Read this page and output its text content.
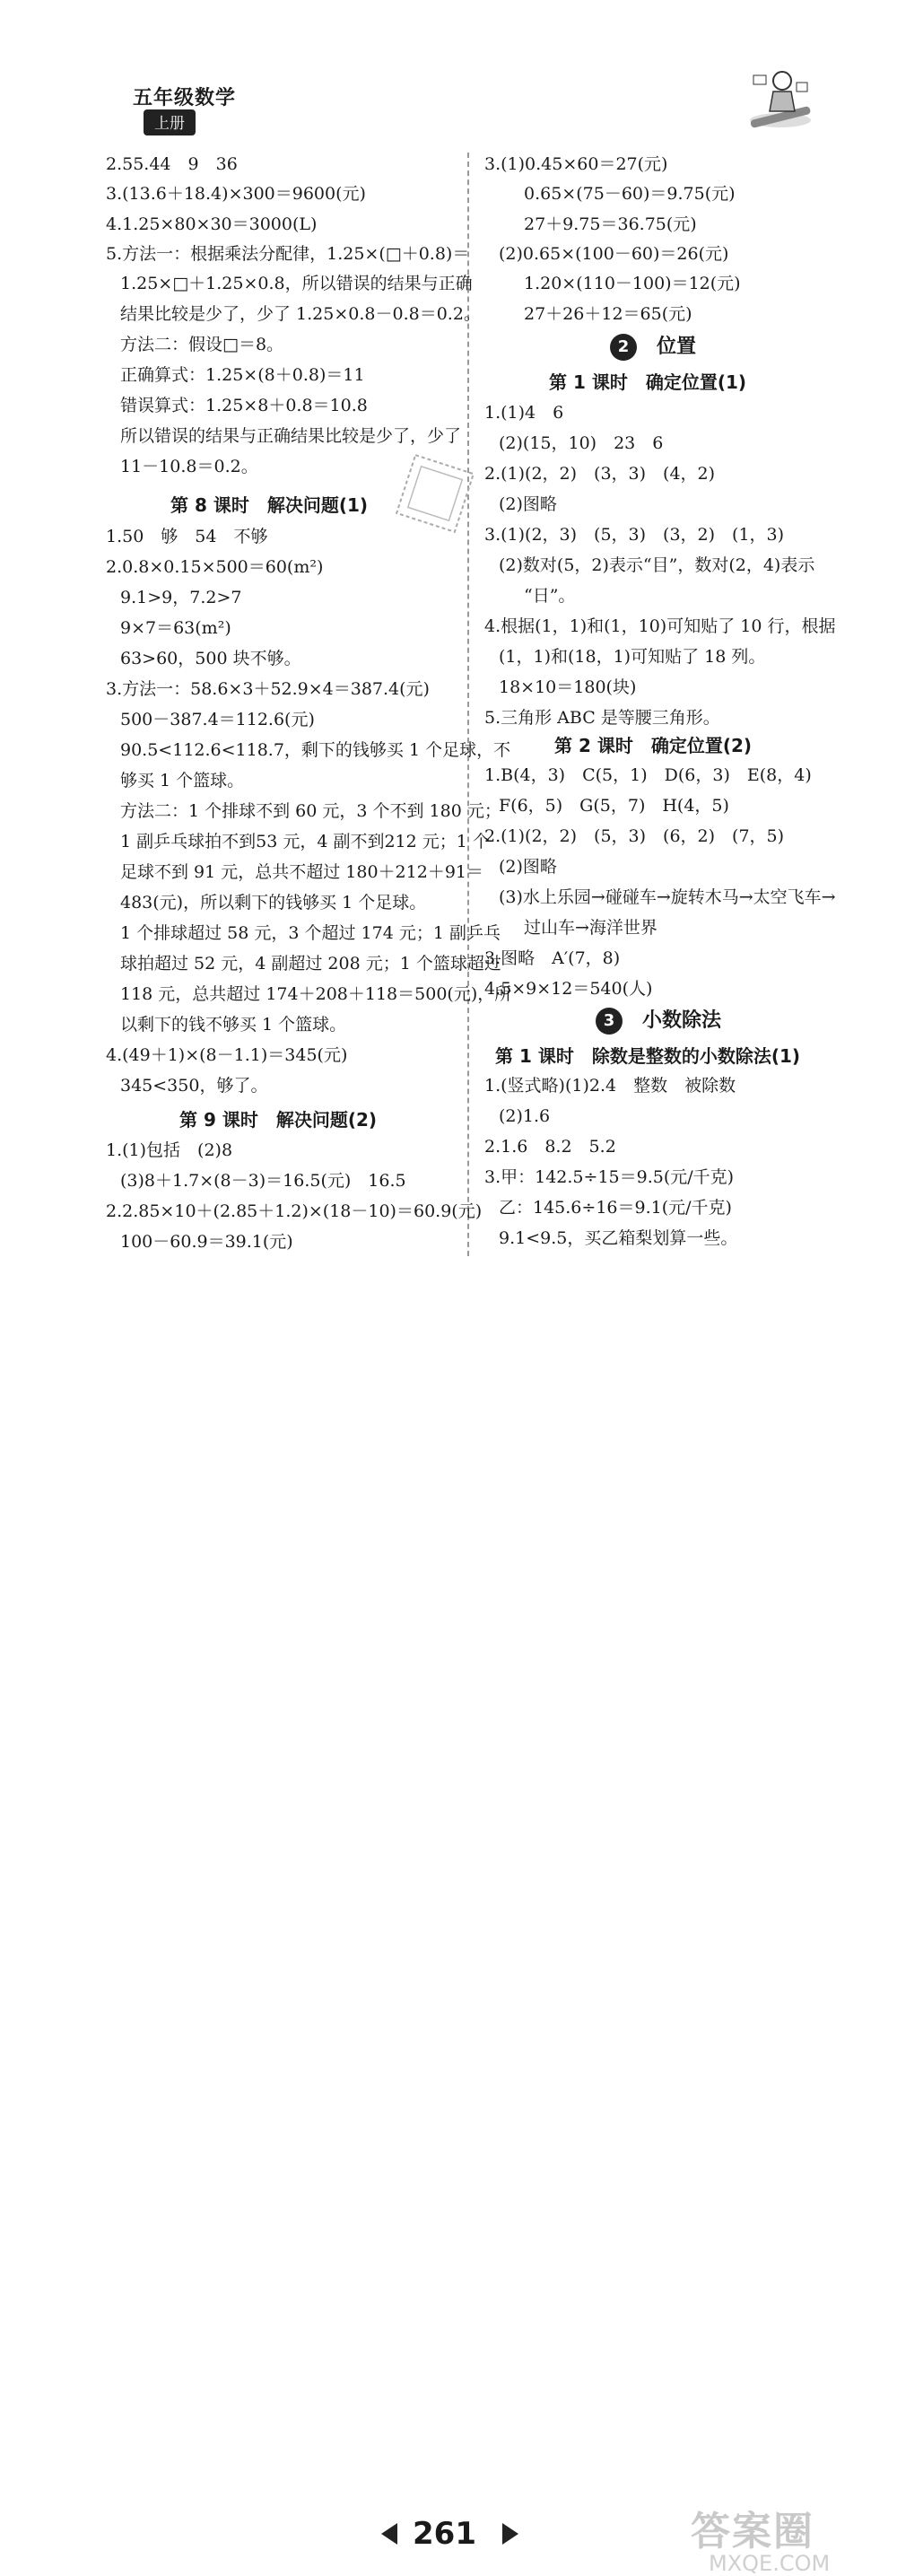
五年级数学
上册
2.55.44　9　36
3.(13.6＋18.4)×300＝9600(元)
4.1.25×80×30＝3000(L)
5.方法一：根据乘法分配律，1.25×(□＋0.8)＝
1.25×□＋1.25×0.8，所以错误的结果与正确
结果比较是少了，少了 1.25×0.8－0.8＝0.2。
方法二：假设□＝8。
正确算式：1.25×(8＋0.8)＝11
错误算式：1.25×8＋0.8＝10.8
所以错误的结果与正确结果比较是少了，少了
11－10.8＝0.2。
第 8 课时　解决问题(1)
1.50　够　54　不够
2.0.8×0.15×500＝60(m²)
9.1>9，7.2>7
9×7＝63(m²)
63>60，500 块不够。
3.方法一：58.6×3＋52.9×4＝387.4(元)
500－387.4＝112.6(元)
90.5<112.6<118.7，剩下的钱够买 1 个足球，不
够买 1 个篮球。
方法二：1 个排球不到 60 元，3 个不到 180 元；
1 副乒乓球拍不到53 元，4 副不到212 元；1 个
足球不到 91 元，总共不超过 180＋212＋91＝
483(元)，所以剩下的钱够买 1 个足球。
1 个排球超过 58 元，3 个超过 174 元；1 副乒乓
球拍超过 52 元，4 副超过 208 元；1 个篮球超过
118 元，总共超过 174＋208＋118＝500(元)，所
以剩下的钱不够买 1 个篮球。
4.(49＋1)×(8－1.1)＝345(元)
345<350，够了。
第 9 课时　解决问题(2)
1.(1)包括　(2)8
(3)8＋1.7×(8－3)＝16.5(元)　16.5
2.2.85×10＋(2.85＋1.2)×(18－10)＝60.9(元)
100－60.9＝39.1(元)
3.(1)0.45×60＝27(元)
0.65×(75－60)＝9.75(元)
27＋9.75＝36.75(元)
(2)0.65×(100－60)＝26(元)
1.20×(110－100)＝12(元)
27＋26＋12＝65(元)
2 位置
第 1 课时　确定位置(1)
1.(1)4　6
(2)(15，10)　23　6
2.(1)(2，2)　(3，3)　(4，2)
(2)图略
3.(1)(2，3)　(5，3)　(3，2)　(1，3)
(2)数对(5，2)表示“目”，数对(2，4)表示
“日”。
4.根据(1，1)和(1，10)可知贴了 10 行，根据
(1，1)和(18，1)可知贴了 18 列。
18×10＝180(块)
5.三角形 ABC 是等腰三角形。
第 2 课时　确定位置(2)
1.B(4，3)　C(5，1)　D(6，3)　E(8，4)
F(6，5)　G(5，7)　H(4，5)
2.(1)(2，2)　(5，3)　(6，2)　(7，5)
(2)图略
(3)水上乐园→碰碰车→旋转木马→太空飞车→
过山车→海洋世界
3.图略　A′(7，8)
4.5×9×12＝540(人)
3 小数除法
第 1 课时　除数是整数的小数除法(1)
1.(竖式略)(1)2.4　整数　被除数
(2)1.6
2.1.6　8.2　5.2
3.甲：142.5÷15＝9.5(元/千克)
乙：145.6÷16＝9.1(元/千克)
9.1<9.5，买乙箱梨划算一些。
261	答案圈
MXQE.COM
